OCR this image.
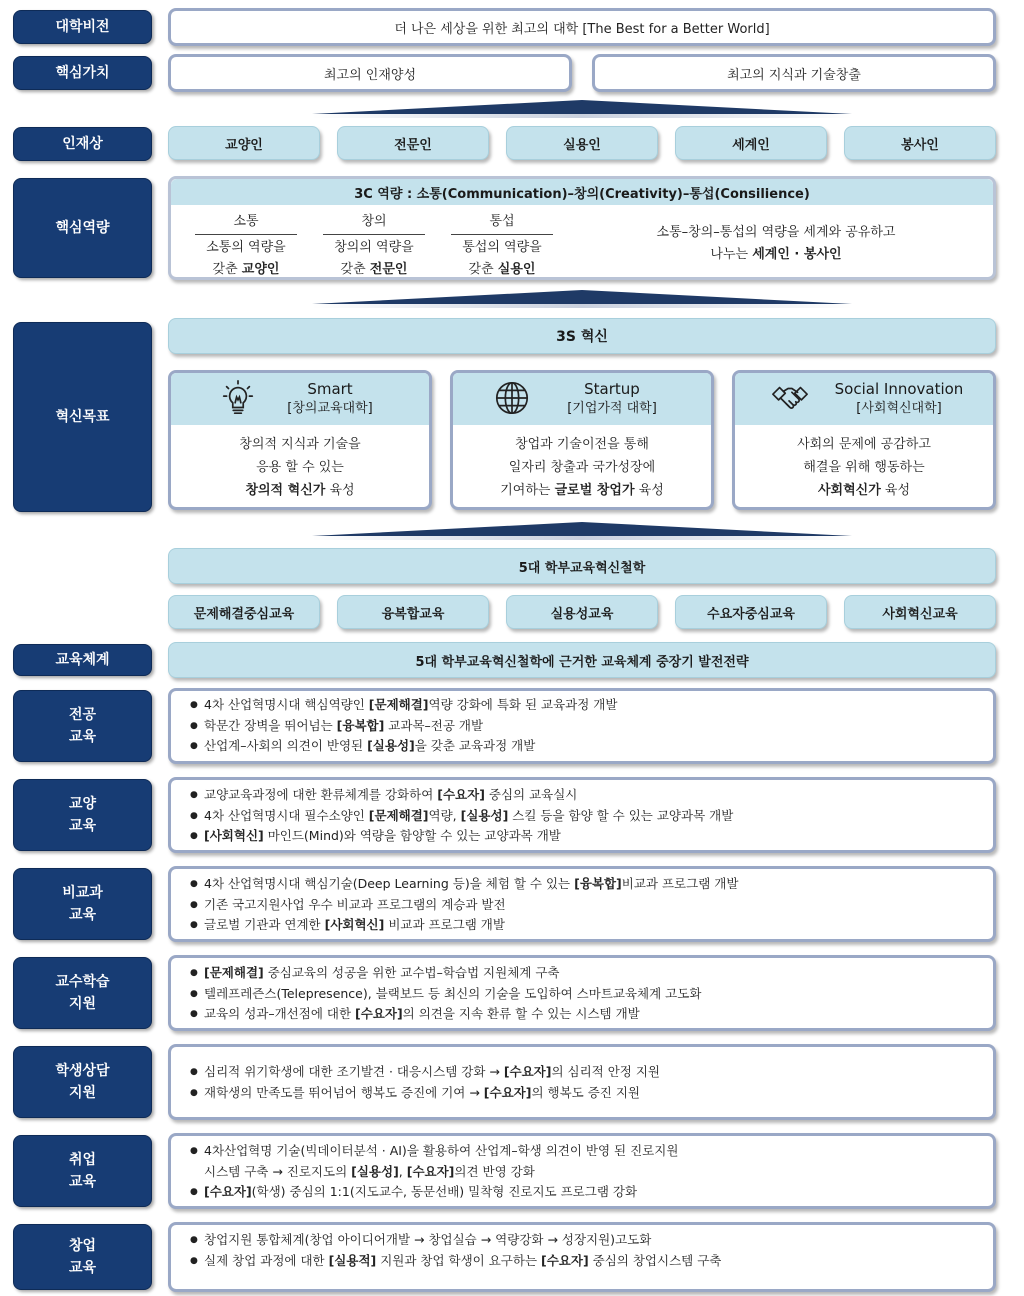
대학비전	더 나은 세상을 위한 최고의 대학 [The Best for a Better World]
핵심가치	최고의 인재양성	최고의 지식과 기술창출
인재상	교양인	전문인	실용인	세계인	봉사인
핵심역량
3C 역량 : 소통(Communication)–창의(Creativity)–통섭(Consilience)
소통
소통의 역량을
갖춘 교양인
창의
창의의 역량을
갖춘 전문인
통섭
통섭의 역량을
갖춘 실용인
소통–창의–통섭의 역량을 세계와 공유하고
나누는 세계인 · 봉사인
혁신목표
3S 혁신
Smart
[창의교육대학]
창의적 지식과 기술을
응용 할 수 있는
창의적 혁신가 육성
Startup
[기업가적 대학]
창업과 기술이전을 통해
일자리 창출과 국가성장에
기여하는 글로벌 창업가 육성
Social Innovation
[사회혁신대학]
사회의 문제에 공감하고
해결을 위해 행동하는
사회혁신가 육성
5대 학부교육혁신철학
문제해결중심교육	융복합교육	실용성교육	수요자중심교육	사회혁신교육
교육체계	5대 학부교육혁신철학에 근거한 교육체계 중장기 발전전략
전공
교육
● 4차 산업혁명시대 핵심역량인 [문제해결]역량 강화에 특화 된 교육과정 개발
● 학문간 장벽을 뛰어넘는 [융복합] 교과목–전공 개발
● 산업계–사회의 의견이 반영된 [실용성]을 갖춘 교육과정 개발
교양
교육
● 교양교육과정에 대한 환류체계를 강화하여 [수요자] 중심의 교육실시
● 4차 산업혁명시대 필수소양인 [문제해결]역량, [실용성] 스킬 등을 함양 할 수 있는 교양과목 개발
● [사회혁신] 마인드(Mind)와 역량을 함양할 수 있는 교양과목 개발
비교과
교육
● 4차 산업혁명시대 핵심기술(Deep Learning 등)을 체험 할 수 있는 [융복합]비교과 프로그램 개발
● 기존 국고지원사업 우수 비교과 프로그램의 계승과 발전
● 글로벌 기관과 연계한 [사회혁신] 비교과 프로그램 개발
교수학습
지원
● [문제해결] 중심교육의 성공을 위한 교수법–학습법 지원체계 구축
● 텔레프레즌스(Telepresence), 블랙보드 등 최신의 기술을 도입하여 스마트교육체계 고도화
● 교육의 성과–개선점에 대한 [수요자]의 의견을 지속 환류 할 수 있는 시스템 개발
학생상담
지원
● 심리적 위기학생에 대한 조기발견 · 대응시스템 강화 → [수요자]의 심리적 안정 지원
● 재학생의 만족도를 뛰어넘어 행복도 증진에 기여 → [수요자]의 행복도 증진 지원
취업
교육
● 4차산업혁명 기술(빅데이터분석 · AI)을 활용하여 산업계–학생 의견이 반영 된 진로지원
시스템 구축 → 진로지도의 [실용성], [수요자]의견 반영 강화
● [수요자](학생) 중심의 1:1(지도교수, 동문선배) 밀착형 진로지도 프로그램 강화
창업
교육
● 창업지원 통합체계(창업 아이디어개발 → 창업실습 → 역량강화 → 성장지원)고도화
● 실제 창업 과정에 대한 [실용적] 지원과 창업 학생이 요구하는 [수요자] 중심의 창업시스템 구축
